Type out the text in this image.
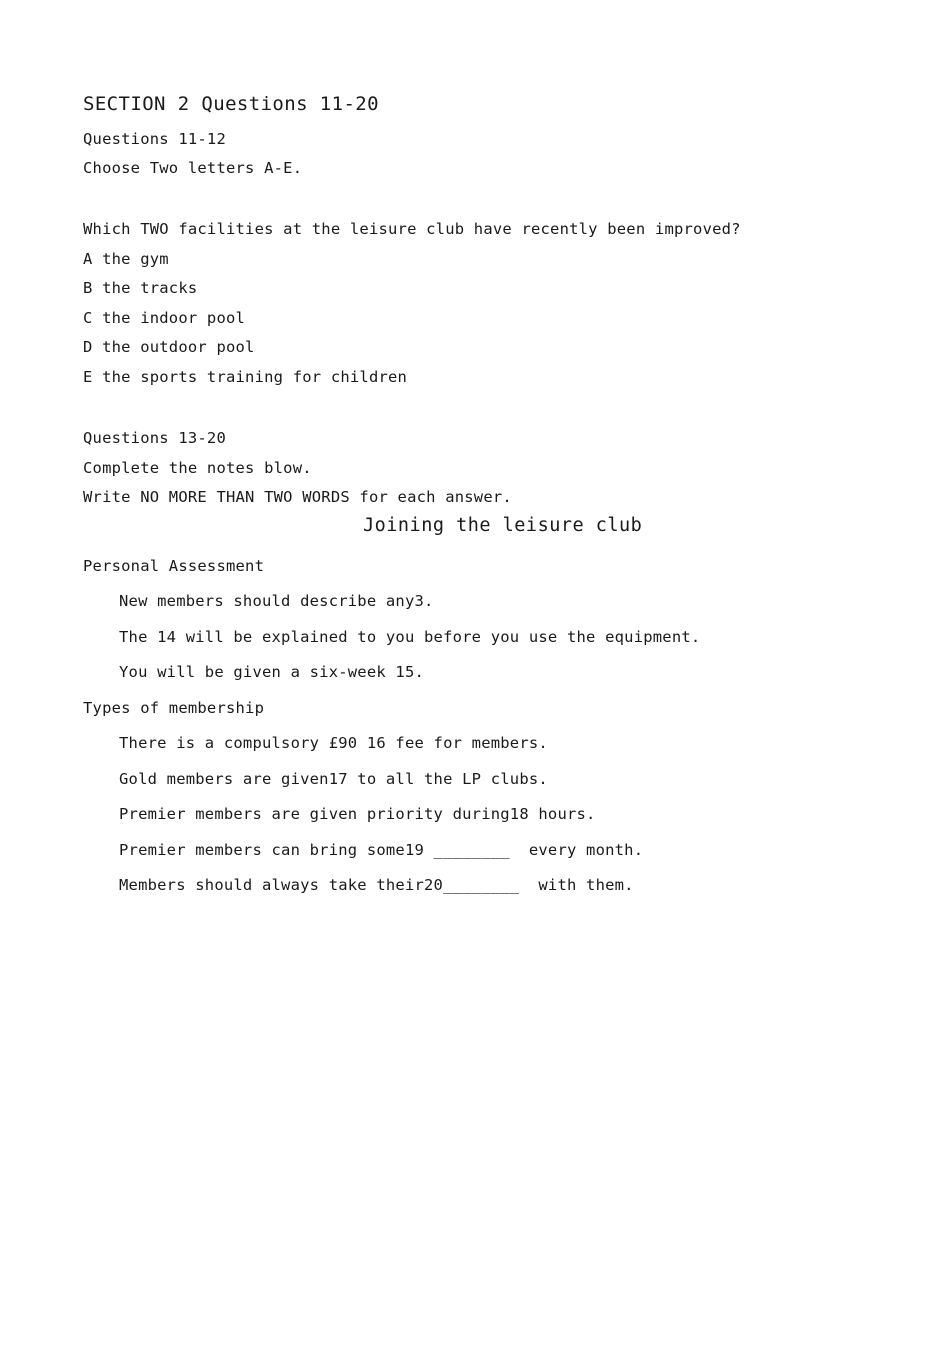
SECTION 2 Questions 11-20
Questions 11-12
Choose Two letters A-E.
Which TWO facilities at the leisure club have recently been improved?
A the gym
B the tracks
C the indoor pool
D the outdoor pool
E the sports training for children
Questions 13-20
Complete the notes blow.
Write NO MORE THAN TWO WORDS for each answer.
Joining the leisure club
Personal Assessment
New members should describe any3.
The 14 will be explained to you before you use the equipment.
You will be given a six-week 15.
Types of membership
There is a compulsory £90 16 fee for members.
Gold members are given17 to all the LP clubs.
Premier members are given priority during18 hours.
Premier members can bring some19 ________  every month.
Members should always take their20________  with them.
